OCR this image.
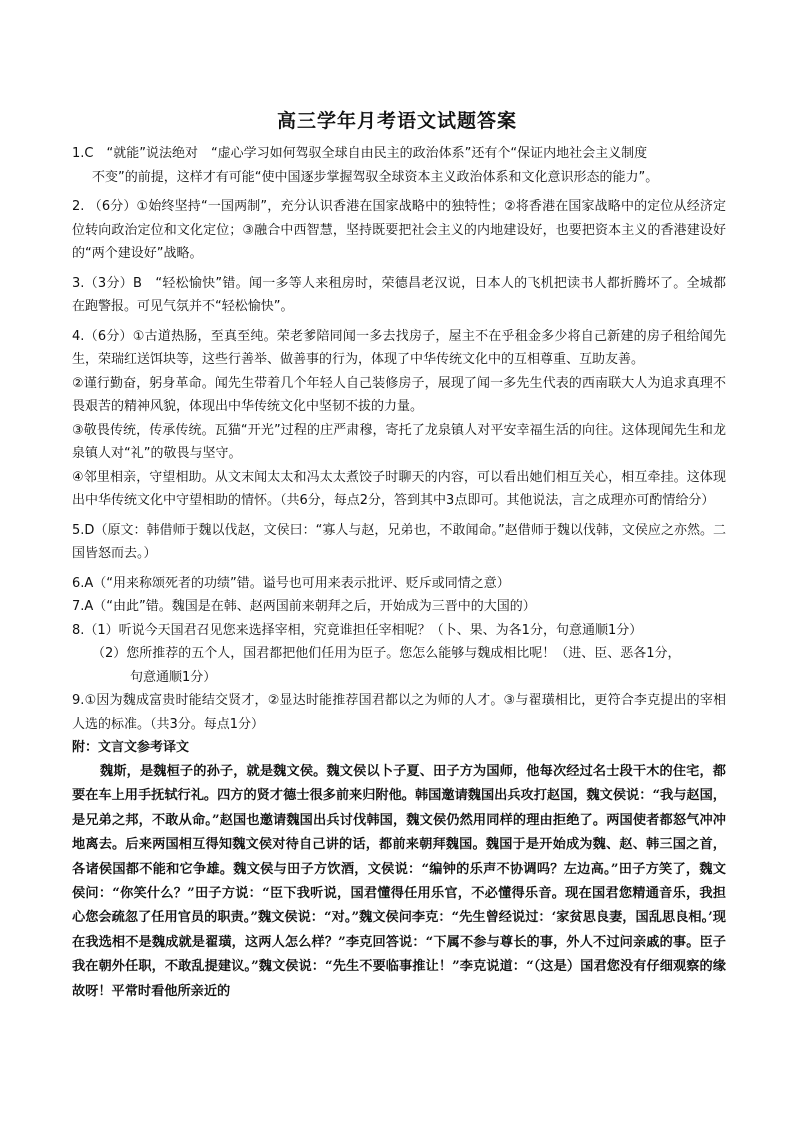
高三学年月考语文试题答案

1.C　“就能”说法绝对　“虚心学习如何驾驭全球自由民主的政治体系”还有个“保证内地社会主义制度

不变”的前提，这样才有可能“使中国逐步掌握驾驭全球资本主义政治体系和文化意识形态的能力”。

2. （6分）①始终坚持“一国两制”，充分认识香港在国家战略中的独特性；②将香港在国家战略中的定位从经济定位转向政治定位和文化定位；③融合中西智慧，坚持既要把社会主义的内地建设好，也要把资本主义的香港建设好的“两个建设好”战略。

3.（3分）B　“轻松愉快”错。闻一多等人来租房时，荣德昌老汉说，日本人的飞机把读书人都折腾坏了。全城都在跑警报。可见气氛并不“轻松愉快”。

4.（6分）①古道热肠，至真至纯。荣老爹陪同闻一多去找房子，屋主不在乎租金多少将自己新建的房子租给闻先生，荣瑞红送饵块等，这些行善举、做善事的行为，体现了中华传统文化中的互相尊重、互助友善。

②谨行勤奋，躬身革命。闻先生带着几个年轻人自己装修房子，展现了闻一多先生代表的西南联大人为追求真理不畏艰苦的精神风貌，体现出中华传统文化中坚韧不拔的力量。

③敬畏传统，传承传统。瓦猫“开光”过程的庄严肃穆，寄托了龙泉镇人对平安幸福生活的向往。这体现闻先生和龙泉镇人对“礼”的敬畏与坚守。

④邻里相亲，守望相助。从文末闻太太和冯太太煮饺子时聊天的内容，可以看出她们相互关心，相互牵挂。这体现出中华传统文化中守望相助的情怀。（共6分，每点2分，答到其中3点即可。其他说法，言之成理亦可酌情给分）

5.D（原文：韩借师于魏以伐赵，文侯曰：“寡人与赵，兄弟也，不敢闻命。”赵借师于魏以伐韩，文侯应之亦然。二国皆怒而去。）

6.A（“用来称颂死者的功绩”错。谥号也可用来表示批评、贬斥或同情之意）

7.A（“由此”错。魏国是在韩、赵两国前来朝拜之后，开始成为三晋中的大国的）

8.（1）听说今天国君召见您来选择宰相，究竟谁担任宰相呢？（卜、果、为各1分，句意通顺1分）

（2）您所推荐的五个人，国君都把他们任用为臣子。您怎么能够与魏成相比呢！（进、臣、恶各1分，

句意通顺1分）

9.①因为魏成富贵时能结交贤才，②显达时能推荐国君都以之为师的人才。③与翟璜相比，更符合李克提出的宰相人选的标准。（共3分。每点1分）

附：文言文参考译文

魏斯，是魏桓子的孙子，就是魏文侯。魏文侯以卜子夏、田子方为国师，他每次经过名士段干木的住宅，都要在车上用手抚轼行礼。四方的贤才德士很多前来归附他。韩国邀请魏国出兵攻打赵国，魏文侯说：“我与赵国，是兄弟之邦，不敢从命。”赵国也邀请魏国出兵讨伐韩国，魏文侯仍然用同样的理由拒绝了。两国使者都怒气冲冲地离去。后来两国相互得知魏文侯对待自己讲的话，都前来朝拜魏国。魏国于是开始成为魏、赵、韩三国之首，各诸侯国都不能和它争雄。魏文侯与田子方饮酒，文侯说：“编钟的乐声不协调吗？左边高。”田子方笑了，魏文侯问：“你笑什么？”田子方说：“臣下我听说，国君懂得任用乐官，不必懂得乐音。现在国君您精通音乐，我担心您会疏忽了任用官员的职责。”魏文侯说：“对。”魏文侯问李克：“先生曾经说过：‘家贫思良妻，国乱思良相。’现在我选相不是魏成就是翟璜，这两人怎么样？”李克回答说：“下属不参与尊长的事，外人不过问亲戚的事。臣子我在朝外任职，不敢乱提建议。”魏文侯说：“先生不要临事推让！”李克说道：“（这是）国君您没有仔细观察的缘故呀！平常时看他所亲近的
